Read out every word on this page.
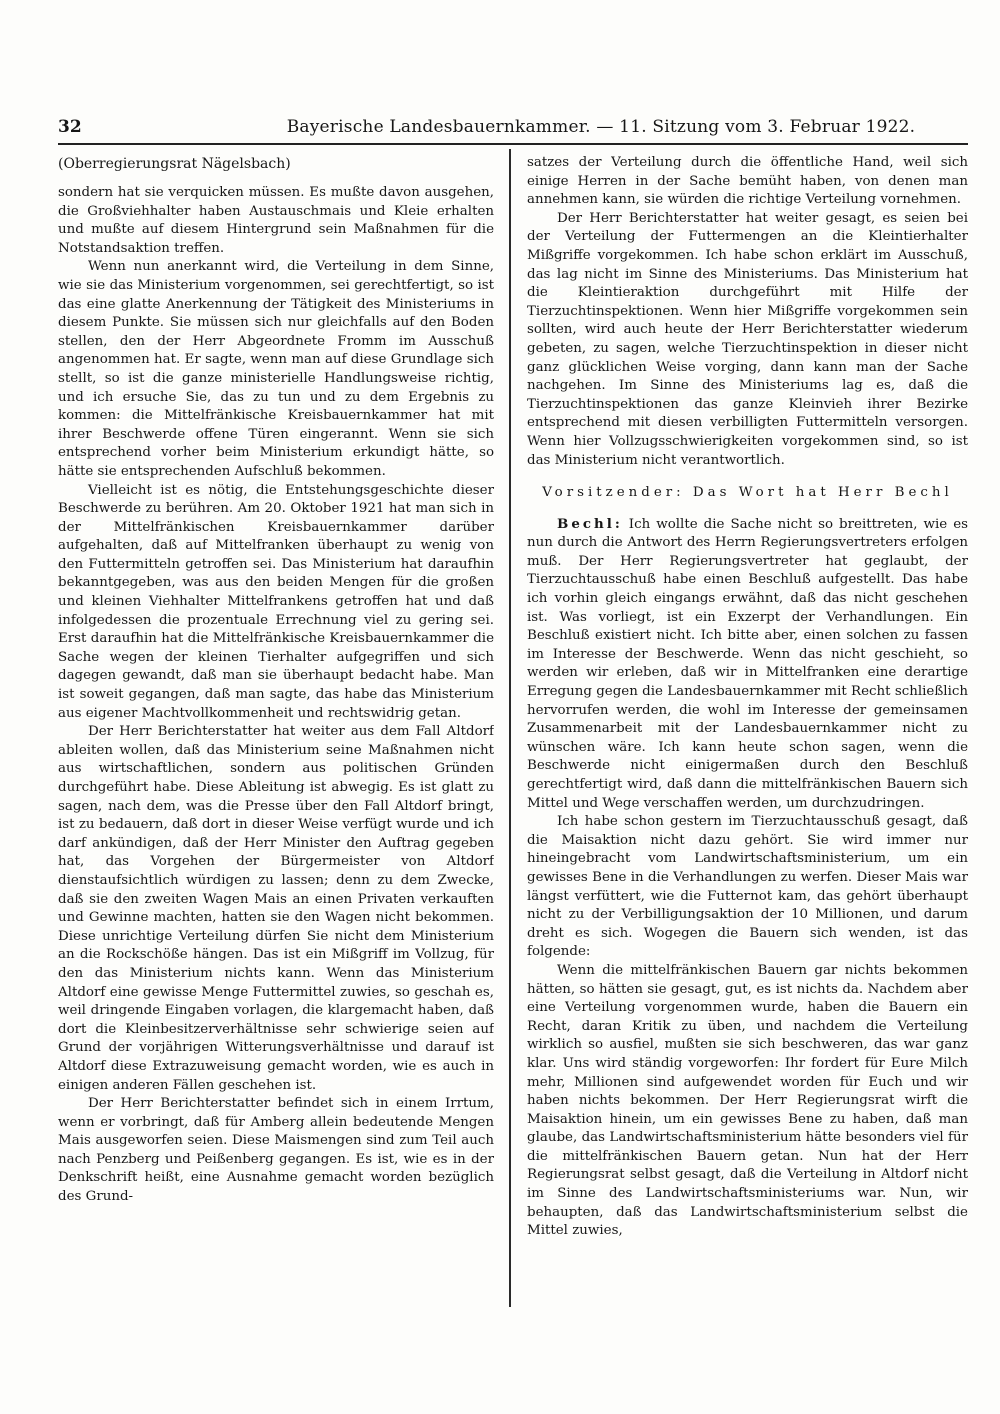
32	Bayerische Landesbauernkammer. — 11. Sitzung vom 3. Februar 1922.
(Oberregierungsrat Nägelsbach)

sondern hat sie verquicken müssen. Es mußte davon ausgehen, die Großviehhalter haben Austauschmais und Kleie erhalten und mußte auf diesem Hintergrund sein Maßnahmen für die Notstandsaktion treffen.

Wenn nun anerkannt wird, die Verteilung in dem Sinne, wie sie das Ministerium vorgenommen, sei gerechtfertigt, so ist das eine glatte Anerkennung der Tätigkeit des Ministeriums in diesem Punkte. Sie müssen sich nur gleichfalls auf den Boden stellen, den der Herr Abgeordnete Fromm im Ausschuß angenommen hat. Er sagte, wenn man auf diese Grundlage sich stellt, so ist die ganze ministerielle Handlungsweise richtig, und ich ersuche Sie, das zu tun und zu dem Ergebnis zu kommen: die Mittelfränkische Kreisbauernkammer hat mit ihrer Beschwerde offene Türen eingerannt. Wenn sie sich entsprechend vorher beim Ministerium erkundigt hätte, so hätte sie entsprechenden Aufschluß bekommen.

Vielleicht ist es nötig, die Entstehungsgeschichte dieser Beschwerde zu berühren. Am 20. Oktober 1921 hat man sich in der Mittelfränkischen Kreisbauernkammer darüber aufgehalten, daß auf Mittelfranken überhaupt zu wenig von den Futtermitteln getroffen sei. Das Ministerium hat daraufhin bekanntgegeben, was aus den beiden Mengen für die großen und kleinen Viehhalter Mittelfrankens getroffen hat und daß infolgedessen die prozentuale Errechnung viel zu gering sei. Erst daraufhin hat die Mittelfränkische Kreisbauernkammer die Sache wegen der kleinen Tierhalter aufgegriffen und sich dagegen gewandt, daß man sie überhaupt bedacht habe. Man ist soweit gegangen, daß man sagte, das habe das Ministerium aus eigener Machtvollkommenheit und rechtswidrig getan.

Der Herr Berichterstatter hat weiter aus dem Fall Altdorf ableiten wollen, daß das Ministerium seine Maßnahmen nicht aus wirtschaftlichen, sondern aus politischen Gründen durchgeführt habe. Diese Ableitung ist abwegig. Es ist glatt zu sagen, nach dem, was die Presse über den Fall Altdorf bringt, ist zu bedauern, daß dort in dieser Weise verfügt wurde und ich darf ankündigen, daß der Herr Minister den Auftrag gegeben hat, das Vorgehen der Bürgermeister von Altdorf dienstaufsichtlich würdigen zu lassen; denn zu dem Zwecke, daß sie den zweiten Wagen Mais an einen Privaten verkauften und Gewinne machten, hatten sie den Wagen nicht bekommen. Diese unrichtige Verteilung dürfen Sie nicht dem Ministerium an die Rockschöße hängen. Das ist ein Mißgriff im Vollzug, für den das Ministerium nichts kann. Wenn das Ministerium Altdorf eine gewisse Menge Futtermittel zuwies, so geschah es, weil dringende Eingaben vorlagen, die klargemacht haben, daß dort die Kleinbesitzerverhältnisse sehr schwierige seien auf Grund der vorjährigen Witterungsverhältnisse und darauf ist Altdorf diese Extrazuweisung gemacht worden, wie es auch in einigen anderen Fällen geschehen ist.

Der Herr Berichterstatter befindet sich in einem Irrtum, wenn er vorbringt, daß für Amberg allein bedeutende Mengen Mais ausgeworfen seien. Diese Maismengen sind zum Teil auch nach Penzberg und Peißenberg gegangen. Es ist, wie es in der Denkschrift heißt, eine Ausnahme gemacht worden bezüglich des Grund-

satzes der Verteilung durch die öffentliche Hand, weil sich einige Herren in der Sache bemüht haben, von denen man annehmen kann, sie würden die richtige Verteilung vornehmen.

Der Herr Berichterstatter hat weiter gesagt, es seien bei der Verteilung der Futtermengen an die Kleintierhalter Mißgriffe vorgekommen. Ich habe schon erklärt im Ausschuß, das lag nicht im Sinne des Ministeriums. Das Ministerium hat die Kleintieraktion durchgeführt mit Hilfe der Tierzuchtinspektionen. Wenn hier Mißgriffe vorgekommen sein sollten, wird auch heute der Herr Berichterstatter wiederum gebeten, zu sagen, welche Tierzuchtinspektion in dieser nicht ganz glücklichen Weise vorging, dann kann man der Sache nachgehen. Im Sinne des Ministeriums lag es, daß die Tierzuchtinspektionen das ganze Kleinvieh ihrer Bezirke entsprechend mit diesen verbilligten Futtermitteln versorgen. Wenn hier Vollzugsschwierigkeiten vorgekommen sind, so ist das Ministerium nicht verantwortlich.

Vorsitzender: Das Wort hat Herr Bechl

Bechl: Ich wollte die Sache nicht so breittreten, wie es nun durch die Antwort des Herrn Regierungsvertreters erfolgen muß. Der Herr Regierungsvertreter hat geglaubt, der Tierzuchtausschuß habe einen Beschluß aufgestellt. Das habe ich vorhin gleich eingangs erwähnt, daß das nicht geschehen ist. Was vorliegt, ist ein Exzerpt der Verhandlungen. Ein Beschluß existiert nicht. Ich bitte aber, einen solchen zu fassen im Interesse der Beschwerde. Wenn das nicht geschieht, so werden wir erleben, daß wir in Mittelfranken eine derartige Erregung gegen die Landesbauernkammer mit Recht schließlich hervorrufen werden, die wohl im Interesse der gemeinsamen Zusammenarbeit mit der Landesbauernkammer nicht zu wünschen wäre. Ich kann heute schon sagen, wenn die Beschwerde nicht einigermaßen durch den Beschluß gerechtfertigt wird, daß dann die mittelfränkischen Bauern sich Mittel und Wege verschaffen werden, um durchzudringen.

Ich habe schon gestern im Tierzuchtausschuß gesagt, daß die Maisaktion nicht dazu gehört. Sie wird immer nur hineingebracht vom Landwirtschaftsministerium, um ein gewisses Bene in die Verhandlungen zu werfen. Dieser Mais war längst verfüttert, wie die Futternot kam, das gehört überhaupt nicht zu der Verbilligungsaktion der 10 Millionen, und darum dreht es sich. Wogegen die Bauern sich wenden, ist das folgende:

Wenn die mittelfränkischen Bauern gar nichts bekommen hätten, so hätten sie gesagt, gut, es ist nichts da. Nachdem aber eine Verteilung vorgenommen wurde, haben die Bauern ein Recht, daran Kritik zu üben, und nachdem die Verteilung wirklich so ausfiel, mußten sie sich beschweren, das war ganz klar. Uns wird ständig vorgeworfen: Ihr fordert für Eure Milch mehr, Millionen sind aufgewendet worden für Euch und wir haben nichts bekommen. Der Herr Regierungsrat wirft die Maisaktion hinein, um ein gewisses Bene zu haben, daß man glaube, das Landwirtschaftsministerium hätte besonders viel für die mittelfränkischen Bauern getan. Nun hat der Herr Regierungsrat selbst gesagt, daß die Verteilung in Altdorf nicht im Sinne des Landwirtschaftsministeriums war. Nun, wir behaupten, daß das Landwirtschaftsministerium selbst die Mittel zuwies,
